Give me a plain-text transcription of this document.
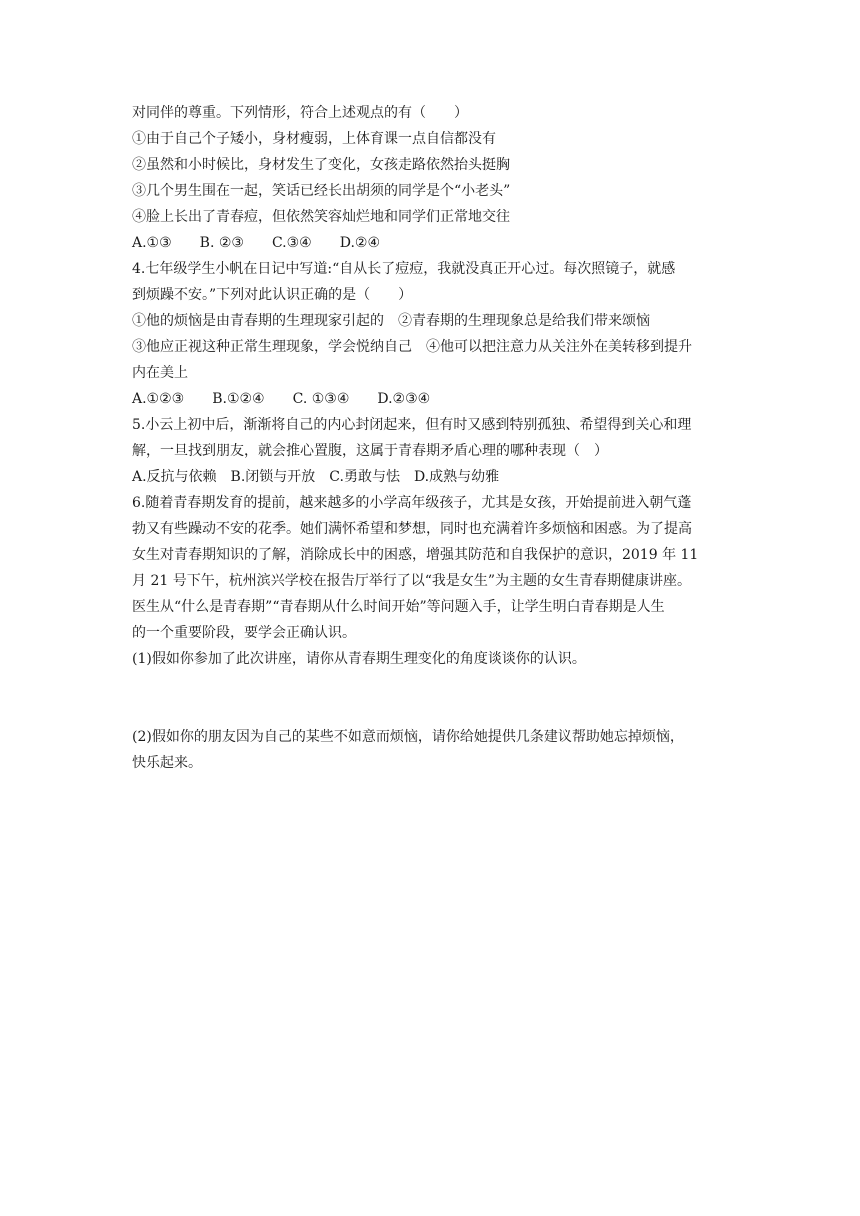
对同伴的尊重。下列情形，符合上述观点的有（　　）
①由于自己个子矮小，身材瘦弱，上体育课一点自信都没有
②虽然和小时候比，身材发生了变化，女孩走路依然抬头挺胸
③几个男生围在一起，笑话已经长出胡须的同学是个“小老头”
④脸上长出了青春痘，但依然笑容灿烂地和同学们正常地交往
A.①③　　B. ②③　　C.③④　　D.②④
4.七年级学生小帆在日记中写道:“自从长了痘痘，我就没真正开心过。每次照镜子，就感
到烦躁不安。”下列对此认识正确的是（　　）
①他的烦恼是由青春期的生理现家引起的　②青春期的生理现象总是给我们带来颂恼
③他应正视这种正常生理现象，学会悦纳自己　④他可以把注意力从关注外在美转移到提升
内在美上
A.①②③　　B.①②④　　C. ①③④　　D.②③④
5.小云上初中后，渐渐将自己的内心封闭起来，但有时又感到特别孤独、希望得到关心和理
解，一旦找到朋友，就会推心置腹，这属于青春期矛盾心理的哪种表现（　）
A.反抗与依赖　B.闭锁与开放　C.勇敢与怯　D.成熟与幼雅
6.随着青春期发育的提前，越来越多的小学高年级孩子，尤其是女孩，开始提前进入朝气蓬
勃又有些躁动不安的花季。她们满怀希望和梦想，同时也充满着许多烦恼和困惑。为了提高
女生对青春期知识的了解，消除成长中的困惑，增强其防范和自我保护的意识，2019 年 11
月 21 号下午，杭州滨兴学校在报告厅举行了以“我是女生”为主题的女生青春期健康讲座。
医生从“什么是青春期”“青春期从什么时间开始”等问题入手，让学生明白青春期是人生
的一个重要阶段，要学会正确认识。
(1)假如你参加了此次讲座，请你从青春期生理变化的角度谈谈你的认识。
(2)假如你的朋友因为自己的某些不如意而烦恼，请你给她提供几条建议帮助她忘掉烦恼，
快乐起来。
